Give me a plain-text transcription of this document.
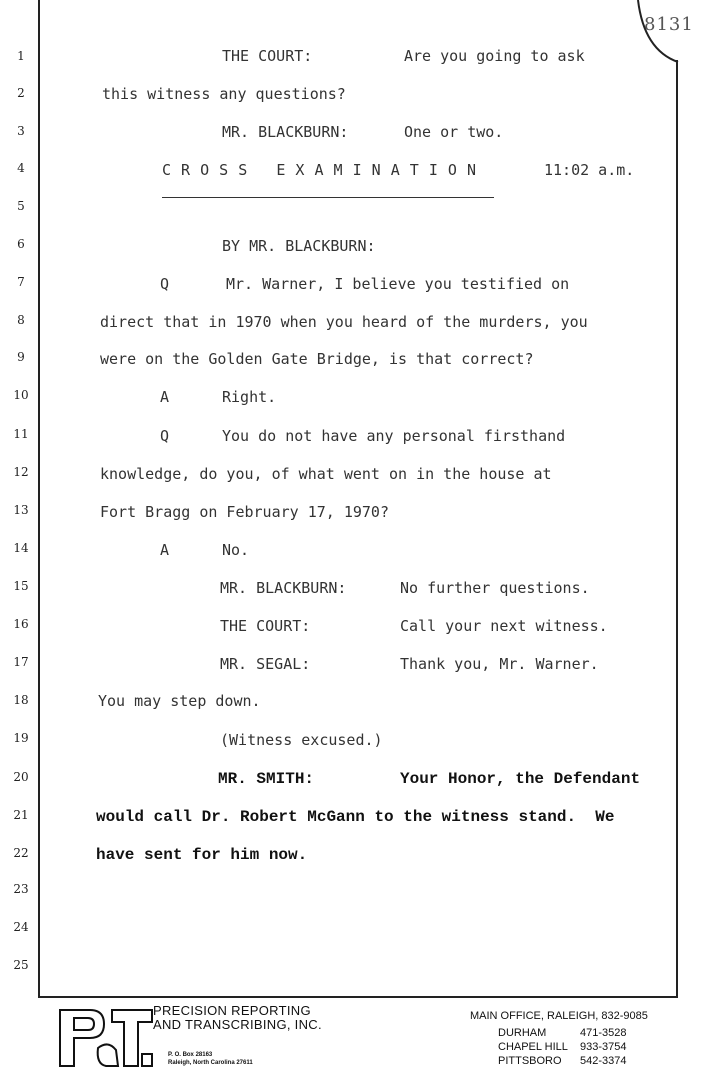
8131
1
2
3
4
5
6
7
8
9
10
11
12
13
14
15
16
17
18
19
20
21
22
23
24
25
THE COURT:	Are you going to ask
this witness any questions?
MR. BLACKBURN:	One or two.
C R O S S   E X A M I N A T I O N	11:02 a.m.
BY MR. BLACKBURN:
Q	Mr. Warner, I believe you testified on
direct that in 1970 when you heard of the murders, you
were on the Golden Gate Bridge, is that correct?
A	Right.
Q	You do not have any personal firsthand
knowledge, do you, of what went on in the house at
Fort Bragg on February 17, 1970?
A	No.
MR. BLACKBURN:	No further questions.
THE COURT:	Call your next witness.
MR. SEGAL:	Thank you, Mr. Warner.
You may step down.
(Witness excused.)
MR. SMITH:	Your Honor, the Defendant
would call Dr. Robert McGann to the witness stand.  We
have sent for him now.
P&T	PRECISION REPORTING
AND TRANSCRIBING, INC.
P. O. Box 28163
Raleigh, North Carolina 27611
MAIN OFFICE, RALEIGH, 832-9085
DURHAM	471-3528
CHAPEL HILL 933-3754
PITTSBORO 542-3374
